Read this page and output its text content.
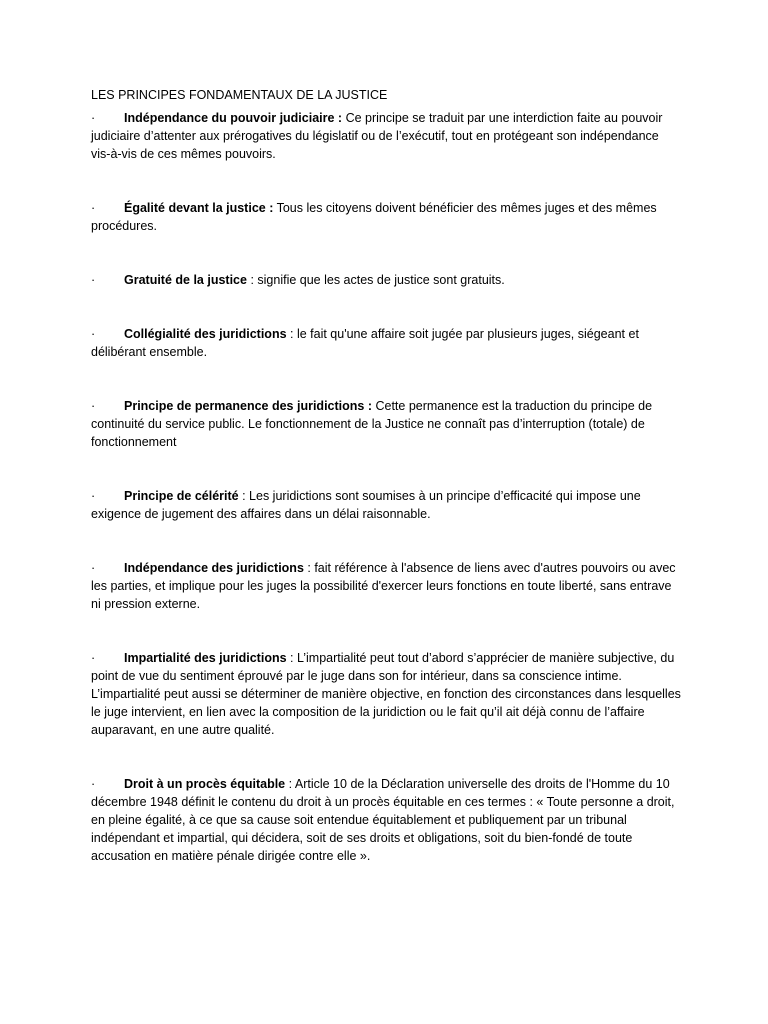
LES PRINCIPES FONDAMENTAUX DE LA JUSTICE

· Indépendance du pouvoir judiciaire : Ce principe se traduit par une interdiction faite au pouvoir judiciaire d’attenter aux prérogatives du législatif ou de l’exécutif, tout en protégeant son indépendance vis-à-vis de ces mêmes pouvoirs.

· Égalité devant la justice : Tous les citoyens doivent bénéficier des mêmes juges et des mêmes procédures.

· Gratuité de la justice : signifie que les actes de justice sont gratuits.

· Collégialité des juridictions : le fait qu'une affaire soit jugée par plusieurs juges, siégeant et délibérant ensemble.

· Principe de permanence des juridictions : Cette permanence est la traduction du principe de continuité du service public. Le fonctionnement de la Justice ne connaît pas d’interruption (totale) de fonctionnement

· Principe de célérité : Les juridictions sont soumises à un principe d’efficacité qui impose une exigence de jugement des affaires dans un délai raisonnable.

· Indépendance des juridictions : fait référence à l'absence de liens avec d'autres pouvoirs ou avec les parties, et implique pour les juges la possibilité d'exercer leurs fonctions en toute liberté, sans entrave ni pression externe.

· Impartialité des juridictions : L’impartialité peut tout d’abord s’apprécier de manière subjective, du point de vue du sentiment éprouvé par le juge dans son for intérieur, dans sa conscience intime. L’impartialité peut aussi se déterminer de manière objective, en fonction des circonstances dans lesquelles le juge intervient, en lien avec la composition de la juridiction ou le fait qu’il ait déjà connu de l’affaire auparavant, en une autre qualité.

· Droit à un procès équitable : Article 10 de la Déclaration universelle des droits de l'Homme du 10 décembre 1948 définit le contenu du droit à un procès équitable en ces termes : « Toute personne a droit, en pleine égalité, à ce que sa cause soit entendue équitablement et publiquement par un tribunal indépendant et impartial, qui décidera, soit de ses droits et obligations, soit du bien-fondé de toute accusation en matière pénale dirigée contre elle ».
